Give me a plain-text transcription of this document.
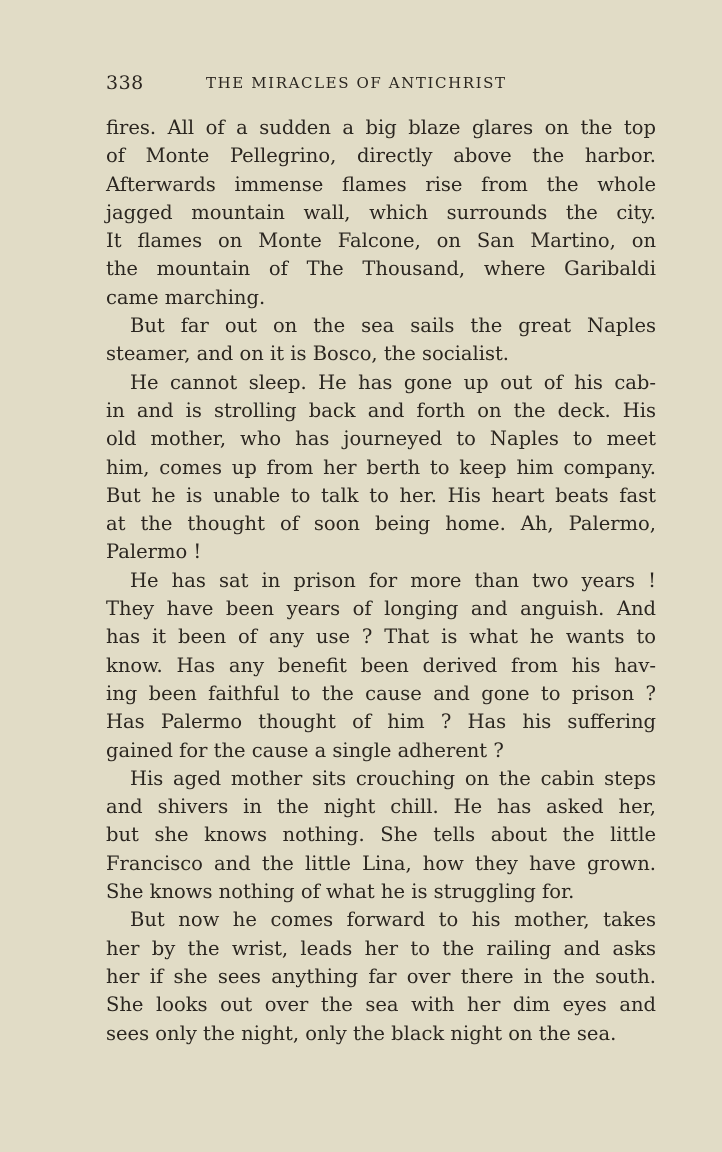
338	THE MIRACLES OF ANTICHRIST
fires. All of a sudden a big blaze glares on the top
of Monte Pellegrino, directly above the harbor.
Afterwards immense flames rise from the whole
jagged mountain wall, which surrounds the city.
It flames on Monte Falcone, on San Martino, on
the mountain of The Thousand, where Garibaldi
came marching.
But far out on the sea sails the great Naples
steamer, and on it is Bosco, the socialist.
He cannot sleep. He has gone up out of his cab-
in and is strolling back and forth on the deck. His
old mother, who has journeyed to Naples to meet
him, comes up from her berth to keep him company.
But he is unable to talk to her. His heart beats fast
at the thought of soon being home. Ah, Palermo,
Palermo !
He has sat in prison for more than two years !
They have been years of longing and anguish. And
has it been of any use ? That is what he wants to
know. Has any benefit been derived from his hav-
ing been faithful to the cause and gone to prison ?
Has Palermo thought of him ? Has his suffering
gained for the cause a single adherent ?
His aged mother sits crouching on the cabin steps
and shivers in the night chill. He has asked her,
but she knows nothing. She tells about the little
Francisco and the little Lina, how they have grown.
She knows nothing of what he is struggling for.
But now he comes forward to his mother, takes
her by the wrist, leads her to the railing and asks
her if she sees anything far over there in the south.
She looks out over the sea with her dim eyes and
sees only the night, only the black night on the sea.
